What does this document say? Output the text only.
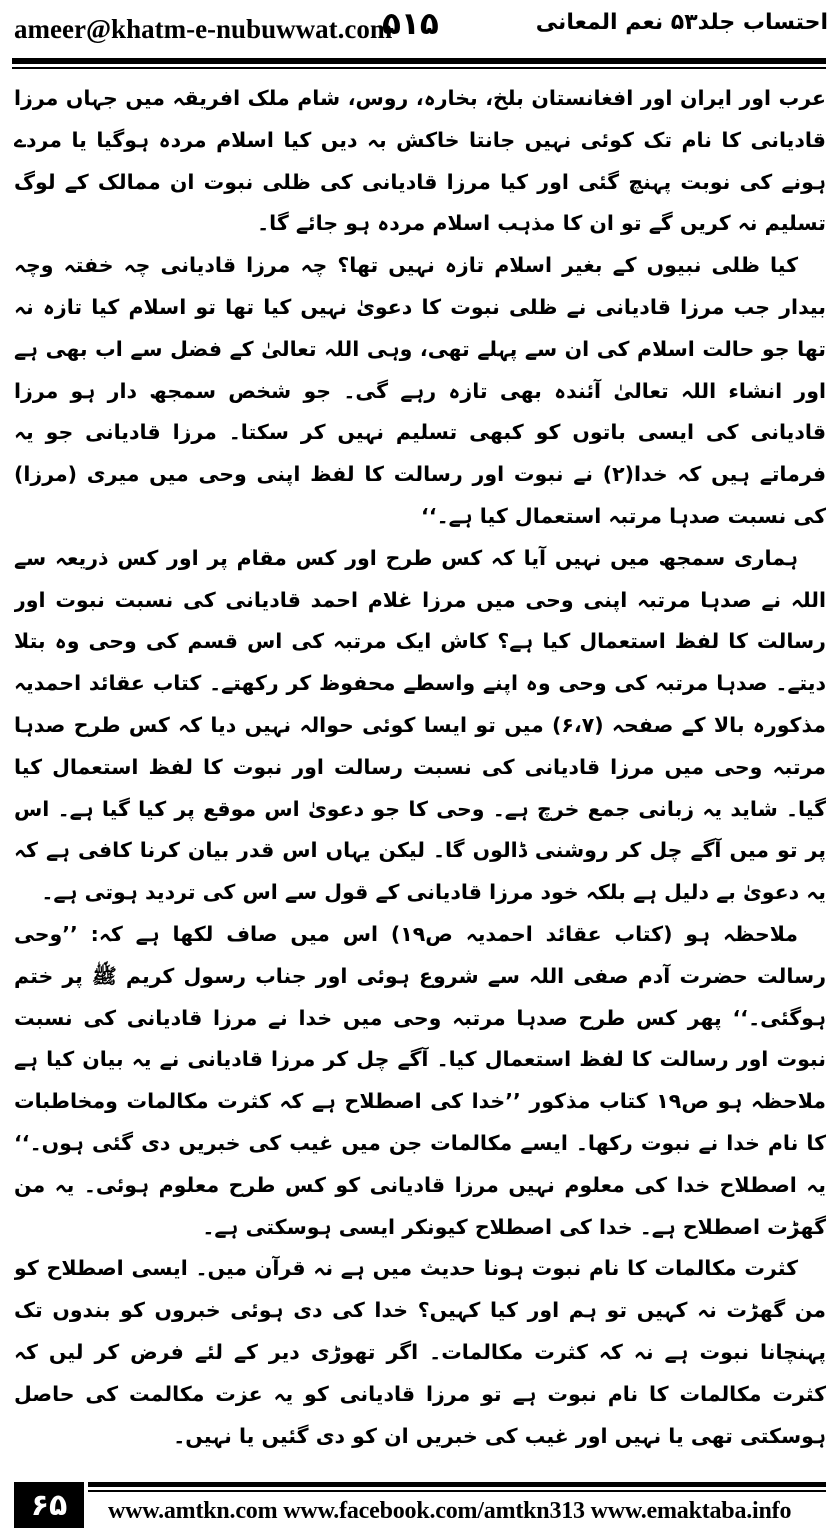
ameer@khatm-e-nubuwwat.com
۵۱۵	احتساب جلد۵۳ نعم المعانی

عرب اور ایران اور افغانستان بلخ، بخارہ، روس، شام ملک افریقہ میں جہاں مرزا قادیانی کا نام تک کوئی نہیں جانتا خاکش بہ دیں کیا اسلام مردہ ہوگیا یا مردے ہونے کی نوبت پہنچ گئی اور کیا مرزا قادیانی کی ظلی نبوت ان ممالک کے لوگ تسلیم نہ کریں گے تو ان کا مذہب اسلام مردہ ہو جائے گا۔

کیا ظلی نبیوں کے بغیر اسلام تازہ نہیں تھا؟ چہ مرزا قادیانی چہ خفتہ وچہ بیدار جب مرزا قادیانی نے ظلی نبوت کا دعویٰ نہیں کیا تھا تو اسلام کیا تازہ نہ تھا جو حالت اسلام کی ان سے پہلے تھی، وہی اللہ تعالیٰ کے فضل سے اب بھی ہے اور انشاء اللہ تعالیٰ آئندہ بھی تازہ رہے گی۔ جو شخص سمجھ دار ہو مرزا قادیانی کی ایسی باتوں کو کبھی تسلیم نہیں کر سکتا۔ مرزا قادیانی جو یہ فرماتے ہیں کہ خدا(۲) نے نبوت اور رسالت کا لفظ اپنی وحی میں میری (مرزا) کی نسبت صدہا مرتبہ استعمال کیا ہے۔‘‘

ہماری سمجھ میں نہیں آیا کہ کس طرح اور کس مقام پر اور کس ذریعہ سے اللہ نے صدہا مرتبہ اپنی وحی میں مرزا غلام احمد قادیانی کی نسبت نبوت اور رسالت کا لفظ استعمال کیا ہے؟ کاش ایک مرتبہ کی اس قسم کی وحی وہ بتلا دیتے۔ صدہا مرتبہ کی وحی وہ اپنے واسطے محفوظ کر رکھتے۔ کتاب عقائد احمدیہ مذکورہ بالا کے صفحہ (۶،۷) میں تو ایسا کوئی حوالہ نہیں دیا کہ کس طرح صدہا مرتبہ وحی میں مرزا قادیانی کی نسبت رسالت اور نبوت کا لفظ استعمال کیا گیا۔ شاید یہ زبانی جمع خرچ ہے۔ وحی کا جو دعویٰ اس موقع پر کیا گیا ہے۔ اس پر تو میں آگے چل کر روشنی ڈالوں گا۔ لیکن یہاں اس قدر بیان کرنا کافی ہے کہ یہ دعویٰ بے دلیل ہے بلکہ خود مرزا قادیانی کے قول سے اس کی تردید ہوتی ہے۔

ملاحظہ ہو (کتاب عقائد احمدیہ ص۱۹) اس میں صاف لکھا ہے کہ: ’’وحی رسالت حضرت آدم صفی اللہ سے شروع ہوئی اور جناب رسول کریم ﷺ پر ختم ہوگئی۔‘‘ پھر کس طرح صدہا مرتبہ وحی میں خدا نے مرزا قادیانی کی نسبت نبوت اور رسالت کا لفظ استعمال کیا۔ آگے چل کر مرزا قادیانی نے یہ بیان کیا ہے ملاحظہ ہو ص۱۹ کتاب مذکور ’’خدا کی اصطلاح ہے کہ کثرت مکالمات ومخاطبات کا نام خدا نے نبوت رکھا۔ ایسے مکالمات جن میں غیب کی خبریں دی گئی ہوں۔‘‘ یہ اصطلاح خدا کی معلوم نہیں مرزا قادیانی کو کس طرح معلوم ہوئی۔ یہ من گھڑت اصطلاح ہے۔ خدا کی اصطلاح کیونکر ایسی ہوسکتی ہے۔

کثرت مکالمات کا نام نبوت ہونا حدیث میں ہے نہ قرآن میں۔ ایسی اصطلاح کو من گھڑت نہ کہیں تو ہم اور کیا کہیں؟ خدا کی دی ہوئی خبروں کو بندوں تک پہنچانا نبوت ہے نہ کہ کثرت مکالمات۔ اگر تھوڑی دیر کے لئے فرض کر لیں کہ کثرت مکالمات کا نام نبوت ہے تو مرزا قادیانی کو یہ عزت مکالمت کی حاصل ہوسکتی تھی یا نہیں اور غیب کی خبریں ان کو دی گئیں یا نہیں۔

۶۵	www.amtkn.com www.facebook.com/amtkn313 www.emaktaba.info
